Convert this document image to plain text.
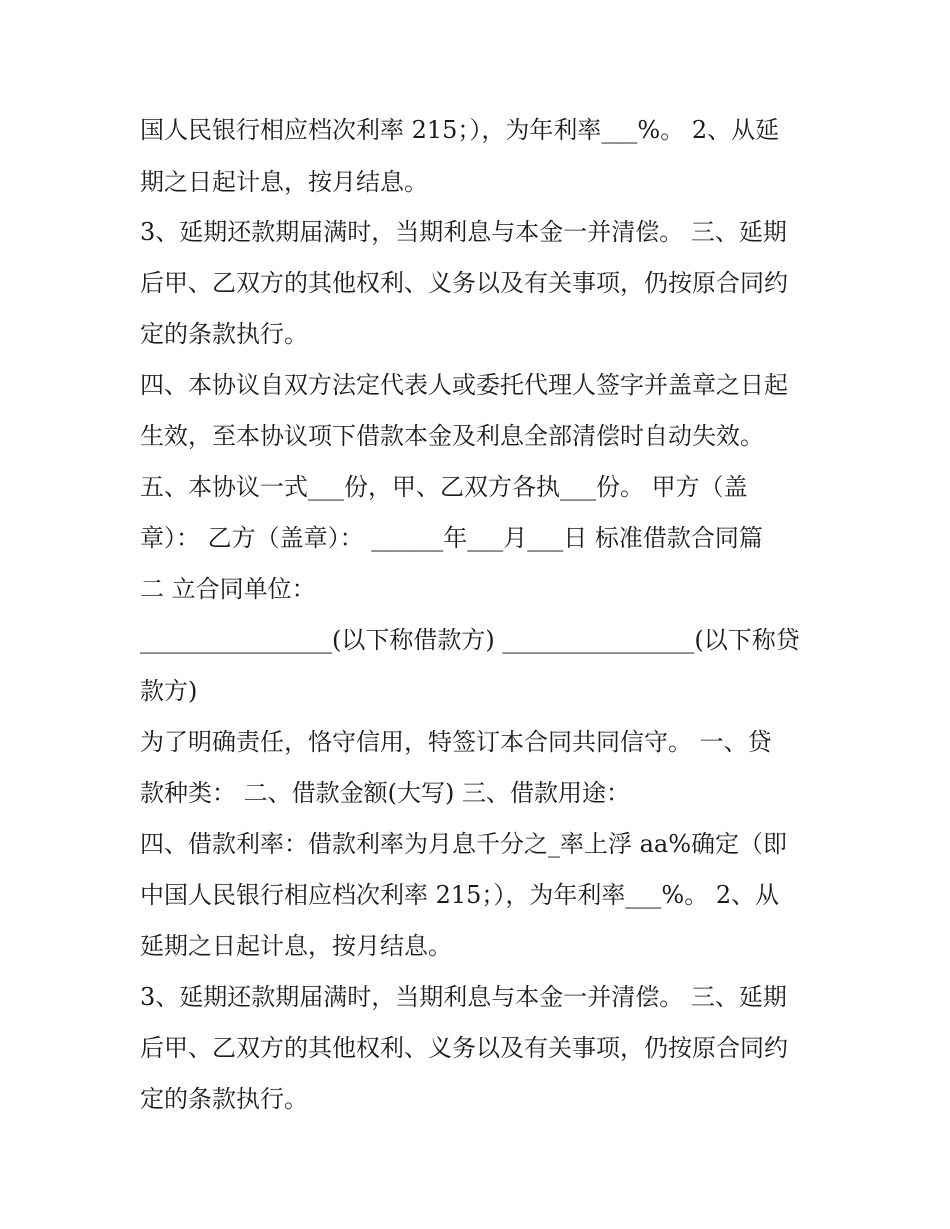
国人民银行相应档次利率 215；），为年利率___%。 2、从延

期之日起计息，按月结息。

3、延期还款期届满时，当期利息与本金一并清偿。 三、延期

后甲、乙双方的其他权利、义务以及有关事项，仍按原合同约

定的条款执行。

四、本协议自双方法定代表人或委托代理人签字并盖章之日起

生效，至本协议项下借款本金及利息全部清偿时自动失效。

五、本协议一式___份，甲、乙双方各执___份。 甲方（盖

章）： 乙方（盖章）： ______年___月___日 标准借款合同篇

二 立合同单位：

________________(以下称借款方) ________________(以下称贷

款方)

为了明确责任，恪守信用，特签订本合同共同信守。 一、贷

款种类： 二、借款金额(大写) 三、借款用途：

四、借款利率：借款利率为月息千分之_率上浮 aa%确定（即

中国人民银行相应档次利率 215；），为年利率___%。 2、从

延期之日起计息，按月结息。

3、延期还款期届满时，当期利息与本金一并清偿。 三、延期

后甲、乙双方的其他权利、义务以及有关事项，仍按原合同约

定的条款执行。
